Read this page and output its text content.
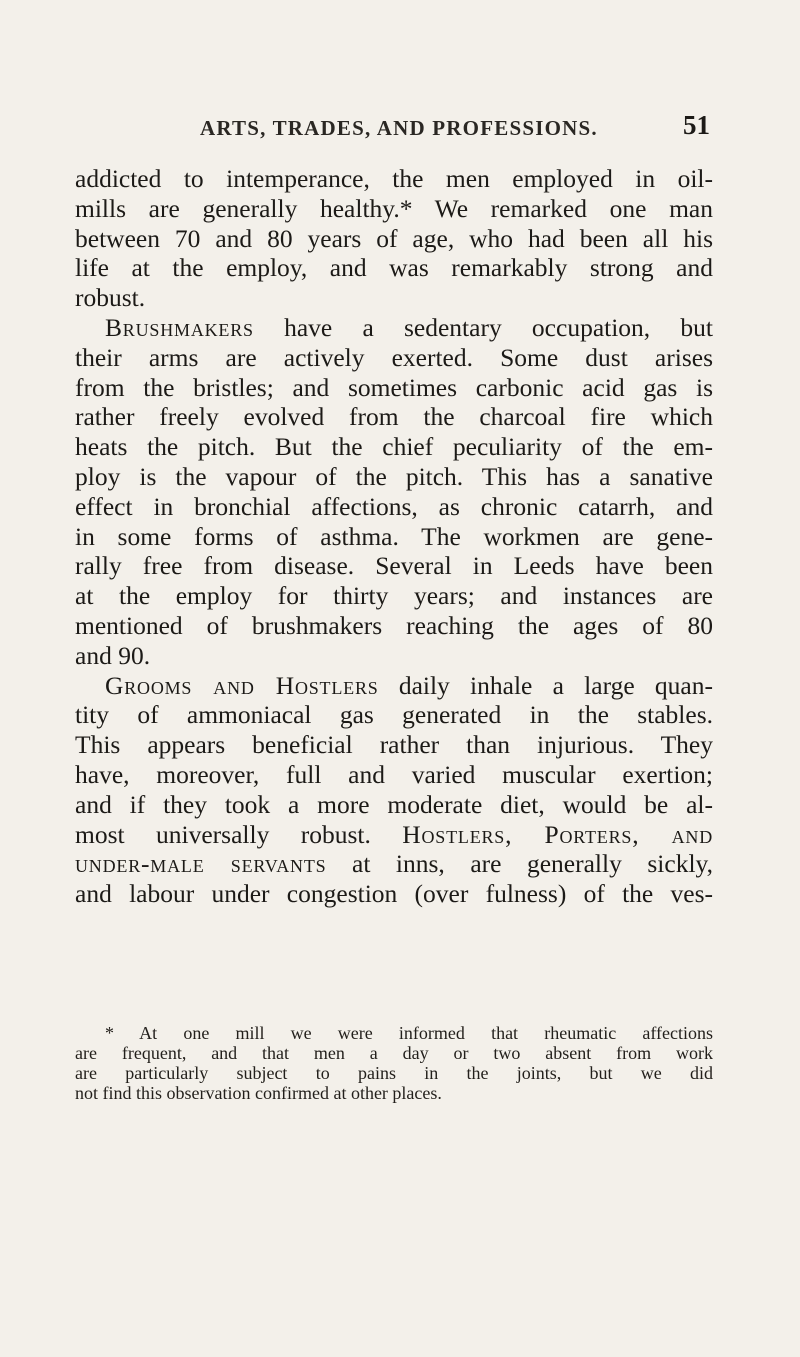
ARTS, TRADES, AND PROFESSIONS.	51
addicted to intemperance, the men employed in oil-
mills are generally healthy.* We remarked one man
between 70 and 80 years of age, who had been all his
life at the employ, and was remarkably strong and
robust.
Brushmakers have a sedentary occupation, but
their arms are actively exerted. Some dust arises
from the bristles; and sometimes carbonic acid gas is
rather freely evolved from the charcoal fire which
heats the pitch. But the chief peculiarity of the em-
ploy is the vapour of the pitch. This has a sanative
effect in bronchial affections, as chronic catarrh, and
in some forms of asthma. The workmen are gene-
rally free from disease. Several in Leeds have been
at the employ for thirty years; and instances are
mentioned of brushmakers reaching the ages of 80
and 90.
Grooms and Hostlers daily inhale a large quan-
tity of ammoniacal gas generated in the stables.
This appears beneficial rather than injurious. They
have, moreover, full and varied muscular exertion;
and if they took a more moderate diet, would be al-
most universally robust. Hostlers, Porters, and
under-male servants at inns, are generally sickly,
and labour under congestion (over fulness) of the ves-
* At one mill we were informed that rheumatic affections
are frequent, and that men a day or two absent from work
are particularly subject to pains in the joints, but we did
not find this observation confirmed at other places.
